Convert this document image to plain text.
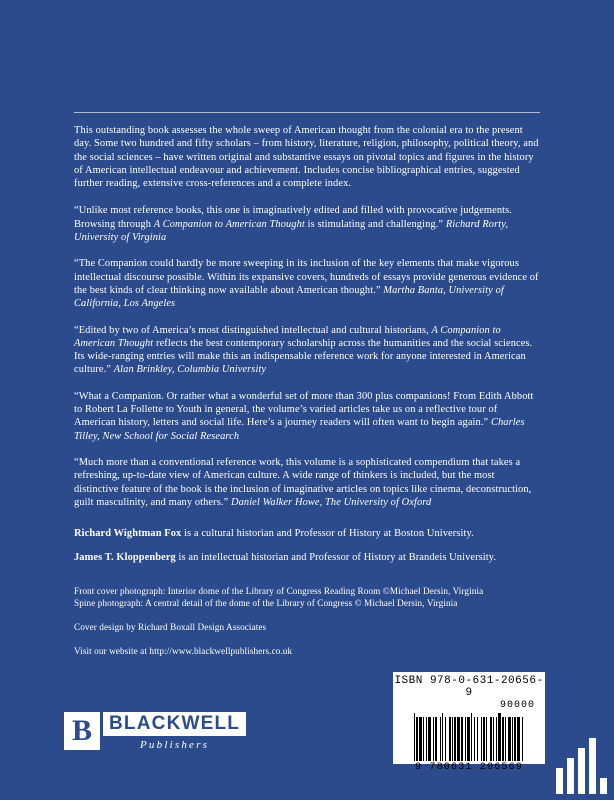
This outstanding book assesses the whole sweep of American thought from the colonial era to the present day. Some two hundred and fifty scholars – from history, literature, religion, philosophy, political theory, and the social sciences – have written original and substantive essays on pivotal topics and figures in the history of American intellectual endeavour and achievement. Includes concise bibliographical entries, suggested further reading, extensive cross-references and a complete index.

“Unlike most reference books, this one is imaginatively edited and filled with provocative judgements. Browsing through A Companion to American Thought is stimulating and challenging.” Richard Rorty, University of Virginia

“The Companion could hardly be more sweeping in its inclusion of the key elements that make vigorous intellectual discourse possible. Within its expansive covers, hundreds of essays provide generous evidence of the best kinds of clear thinking now available about American thought.” Martha Banta, University of California, Los Angeles

“Edited by two of America’s most distinguished intellectual and cultural historians, A Companion to American Thought reflects the best contemporary scholarship across the humanities and the social sciences. Its wide-ranging entries will make this an indispensable reference work for anyone interested in American culture.” Alan Brinkley, Columbia University

“What a Companion. Or rather what a wonderful set of more than 300 plus companions! From Edith Abbott to Robert La Follette to Youth in general, the volume’s varied articles take us on a reflective tour of American history, letters and social life. Here’s a journey readers will often want to begin again.” Charles Tilley, New School for Social Research

“Much more than a conventional reference work, this volume is a sophisticated compendium that takes a refreshing, up-to-date view of American culture. A wide range of thinkers is included, but the most distinctive feature of the book is the inclusion of imaginative articles on topics like cinema, deconstruction, guilt masculinity, and many others.” Daniel Walker Howe, The University of Oxford

Richard Wightman Fox is a cultural historian and Professor of History at Boston University.

James T. Kloppenberg is an intellectual historian and Professor of History at Brandeis University.

Front cover photograph: Interior dome of the Library of Congress Reading Room ©Michael Dersin, Virginia

Spine photograph: A central detail of the dome of the Library of Congress © Michael Dersin, Virginia

Cover design by Richard Boxall Design Associates

Visit our website at http://www.blackwellpublishers.co.uk

B BLACKWELL
Publishers
ISBN 978-0-631-20656-9
90000
9 780631 206569
